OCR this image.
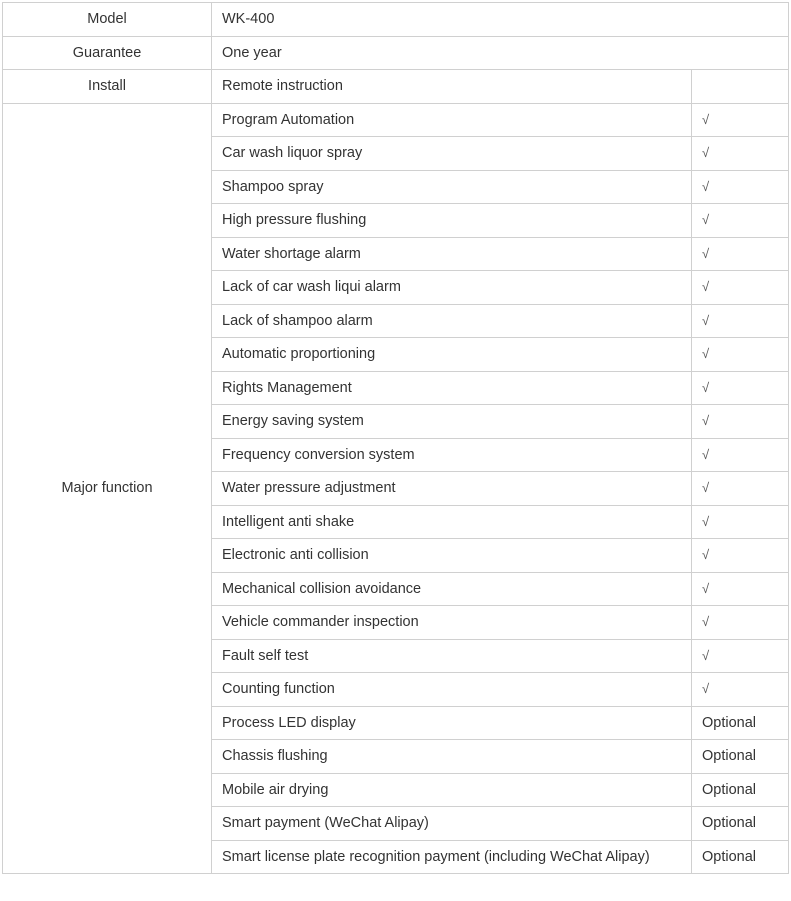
Model	WK-400	
Guarantee	One year	
Install	Remote instruction	
Major function	Program Automation	√
	Car wash liquor spray	√
	Shampoo spray	√
	High pressure flushing	√
	Water shortage alarm	√
	Lack of car wash liqui alarm	√
	Lack of shampoo alarm	√
	Automatic proportioning	√
	Rights Management	√
	Energy saving system	√
	Frequency conversion system	√
	Water pressure adjustment	√
	Intelligent anti shake	√
	Electronic anti collision	√
	Mechanical collision avoidance	√
	Vehicle commander inspection	√
	Fault self test	√
	Counting function	√
	Process LED display	Optional
	Chassis flushing	Optional
	Mobile air drying	Optional
	Smart payment (WeChat Alipay)	Optional
	Smart license plate recognition payment (including WeChat Alipay)	Optional
